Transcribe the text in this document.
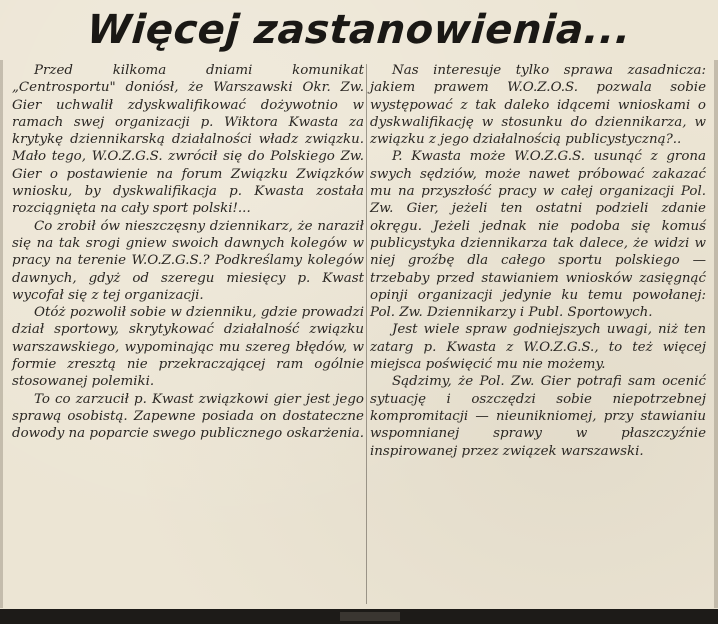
Więcej zastanowienia...

Przed kilkoma dniami komunikat „Centrosportu" doniósł, że Warszawski Okr. Zw. Gier uchwalił zdyskwalifikować dożywotnio w ramach swej organizacji p. Wiktora Kwasta za krytykę dziennikarską działalności władz związku. Mało tego, W.O.Z.G.S. zwrócił się do Polskiego Zw. Gier o postawienie na forum Związku Związków wniosku, by dyskwalifikacja p. Kwasta została rozciągnięta na cały sport polski!...

Co zrobił ów nieszczęsny dziennikarz, że naraził się na tak srogi gniew swoich dawnych kolegów w pracy na terenie W.O.Z.G.S.? Podkreślamy kolegów dawnych, gdyż od szeregu miesięcy p. Kwast wycofał się z tej organizacji.

Otóż pozwolił sobie w dzienniku, gdzie prowadzi dział sportowy, skrytykować działalność związku warszawskiego, wypominając mu szereg błędów, w formie zresztą nie przekraczającej ram ogólnie stosowanej polemiki.

To co zarzucił p. Kwast związkowi gier jest jego sprawą osobistą. Zapewne posiada on dostateczne dowody na poparcie swego publicznego oskarżenia.

Nas interesuje tylko sprawa zasadnicza: jakiem prawem W.O.Z.O.S. pozwala sobie występować z tak daleko idącemi wnioskami o dyskwalifikację w stosunku do dziennikarza, w związku z jego działalnością publicystyczną?..

P. Kwasta może W.O.Z.G.S. usunąć z grona swych sędziów, może nawet próbować zakazać mu na przyszłość pracy w całej organizacji Pol. Zw. Gier, jeżeli ten ostatni podzieli zdanie okręgu. Jeżeli jednak nie podoba się komuś publicystyka dziennikarza tak dalece, że widzi w niej groźbę dla całego sportu polskiego — trzebaby przed stawianiem wniosków zasięgnąć opinji organizacji jedynie ku temu powołanej: Pol. Zw. Dziennikarzy i Publ. Sportowych.

Jest wiele spraw godniejszych uwagi, niż ten zatarg p. Kwasta z W.O.Z.G.S., to też więcej miejsca poświęcić mu nie możemy.

Sądzimy, że Pol. Zw. Gier potrafi sam ocenić sytuację i oszczędzi sobie niepotrzebnej kompromitacji — nieunikniomej, przy stawianiu wspomnianej sprawy w płaszczyźnie inspirowanej przez związek warszawski.
